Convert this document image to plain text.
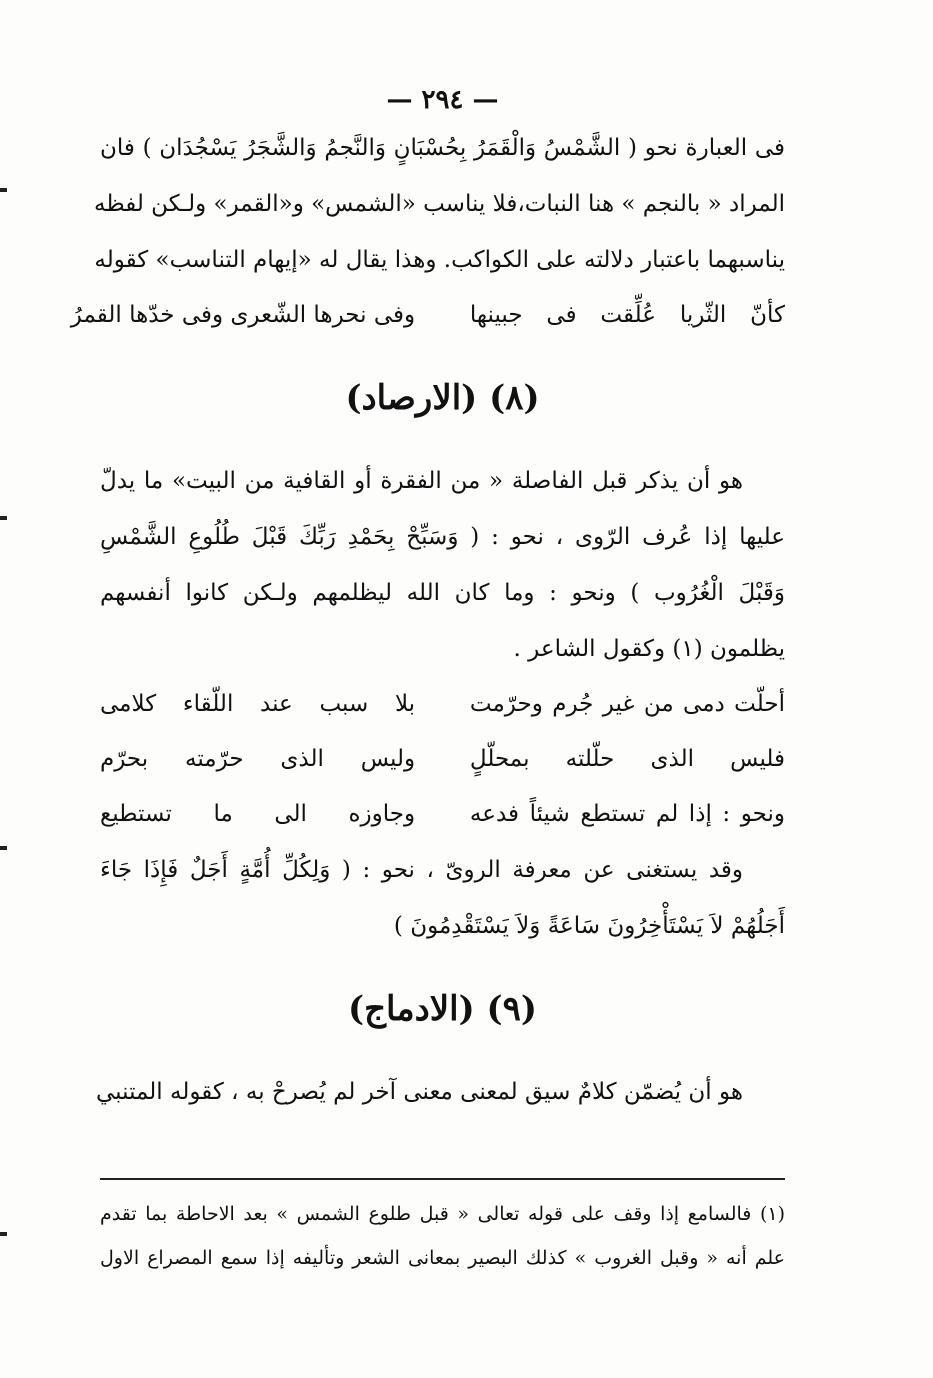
— ٢٩٤ —
فى العبارة نحو ( الشَّمْسُ وَالْقَمَرُ بِحُسْبَانٍ وَالنَّجمُ وَالشَّجَرُ يَسْجُدَان ) فان
المراد « بالنجم » هنا النبات،فلا يناسب «الشمس» و«القمر» ولـكن لفظه
يناسبهما باعتبار دلالته على الكواكب. وهذا يقال له «إيهام التناسب» كقوله
كأنّ الثّريا عُلِّقت فى جبينها
وفى نحرها الشّعرى وفى خدّها القمرُ
(٨) (الارصاد)
هو أن يذكر قبل الفاصلة « من الفقرة أو القافية من البيت» ما يدلّ
عليها إذا عُرف الرّوى ، نحو : ( وَسَبِّحْ بِحَمْدِ رَبِّكَ قَبْلَ طُلُوعِ الشَّمْسِ
وَقَبْلَ الْغُرُوب ) ونحو : وما كان الله ليظلمهم ولـكن كانوا أنفسهم
يظلمون (١) وكقول الشاعر .
أحلّت دمى من غير جُرم وحرّمت
بلا سبب عند اللّقاء كلامى
فليس الذى حلّلته بمحلّلٍ
وليس الذى حرّمته بحرّم
ونحو : إذا لم تستطع شيئاً فدعه
وجاوزه الى ما تستطيع
وقد يستغنى عن معرفة الروىّ ، نحو : ( وَلِكُلِّ أُمَّةٍ أَجَلٌ فَإِذَا جَاءَ
أَجَلُهُمْ لاَ يَسْتَأْخِرُونَ سَاعَةً وَلاَ يَسْتَقْدِمُونَ )
(٩) (الادماج)
هو أن يُضمّن كلامٌ سيق لمعنى معنى آخر لم يُصرحْ به ، كقوله المتنبي
(١) فالسامع إذا وقف على قوله تعالى « قبل طلوع الشمس » بعد الاحاطة بما تقدم
علم أنه « وقبل الغروب » كذلك البصير بمعانى الشعر وتأليفه إذا سمع المصراع الاول
